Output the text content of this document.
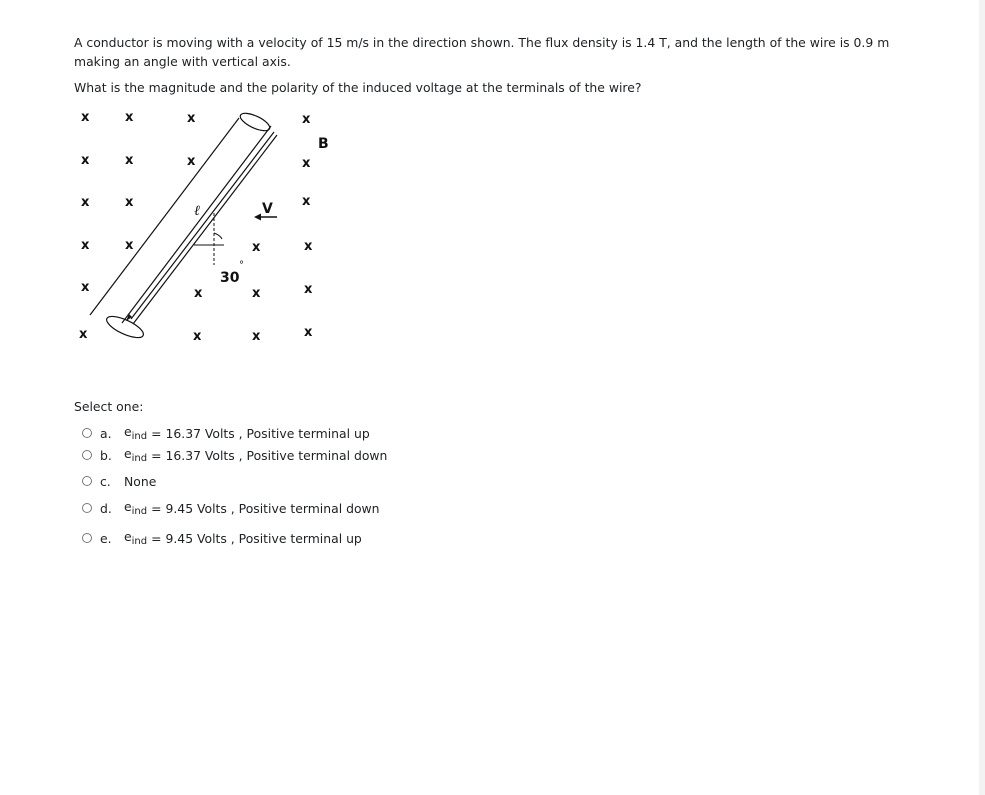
A conductor is moving with a velocity of 15 m/s in the direction shown. The flux density is 1.4 T, and the length of the wire is 0.9 m making an angle with vertical axis.

What is the magnitude and the polarity of the induced voltage at the terminals of the wire?

x	x	x	x
x	x	x	x
x	x	x
x	x	x	x
x	x	x	x
x	x	x	x
B
ℓ
30
°
V
Select one:
a.	$e_{ind} = 16.37$ Volts , Positive terminal up
b. $e_{ind} = 16.37$ Volts , Positive terminal down
c.	None
d. $e_{ind} = 9.45$ Volts , Positive terminal down
e.	$e_{ind} = 9.45$ Volts , Positive terminal up
